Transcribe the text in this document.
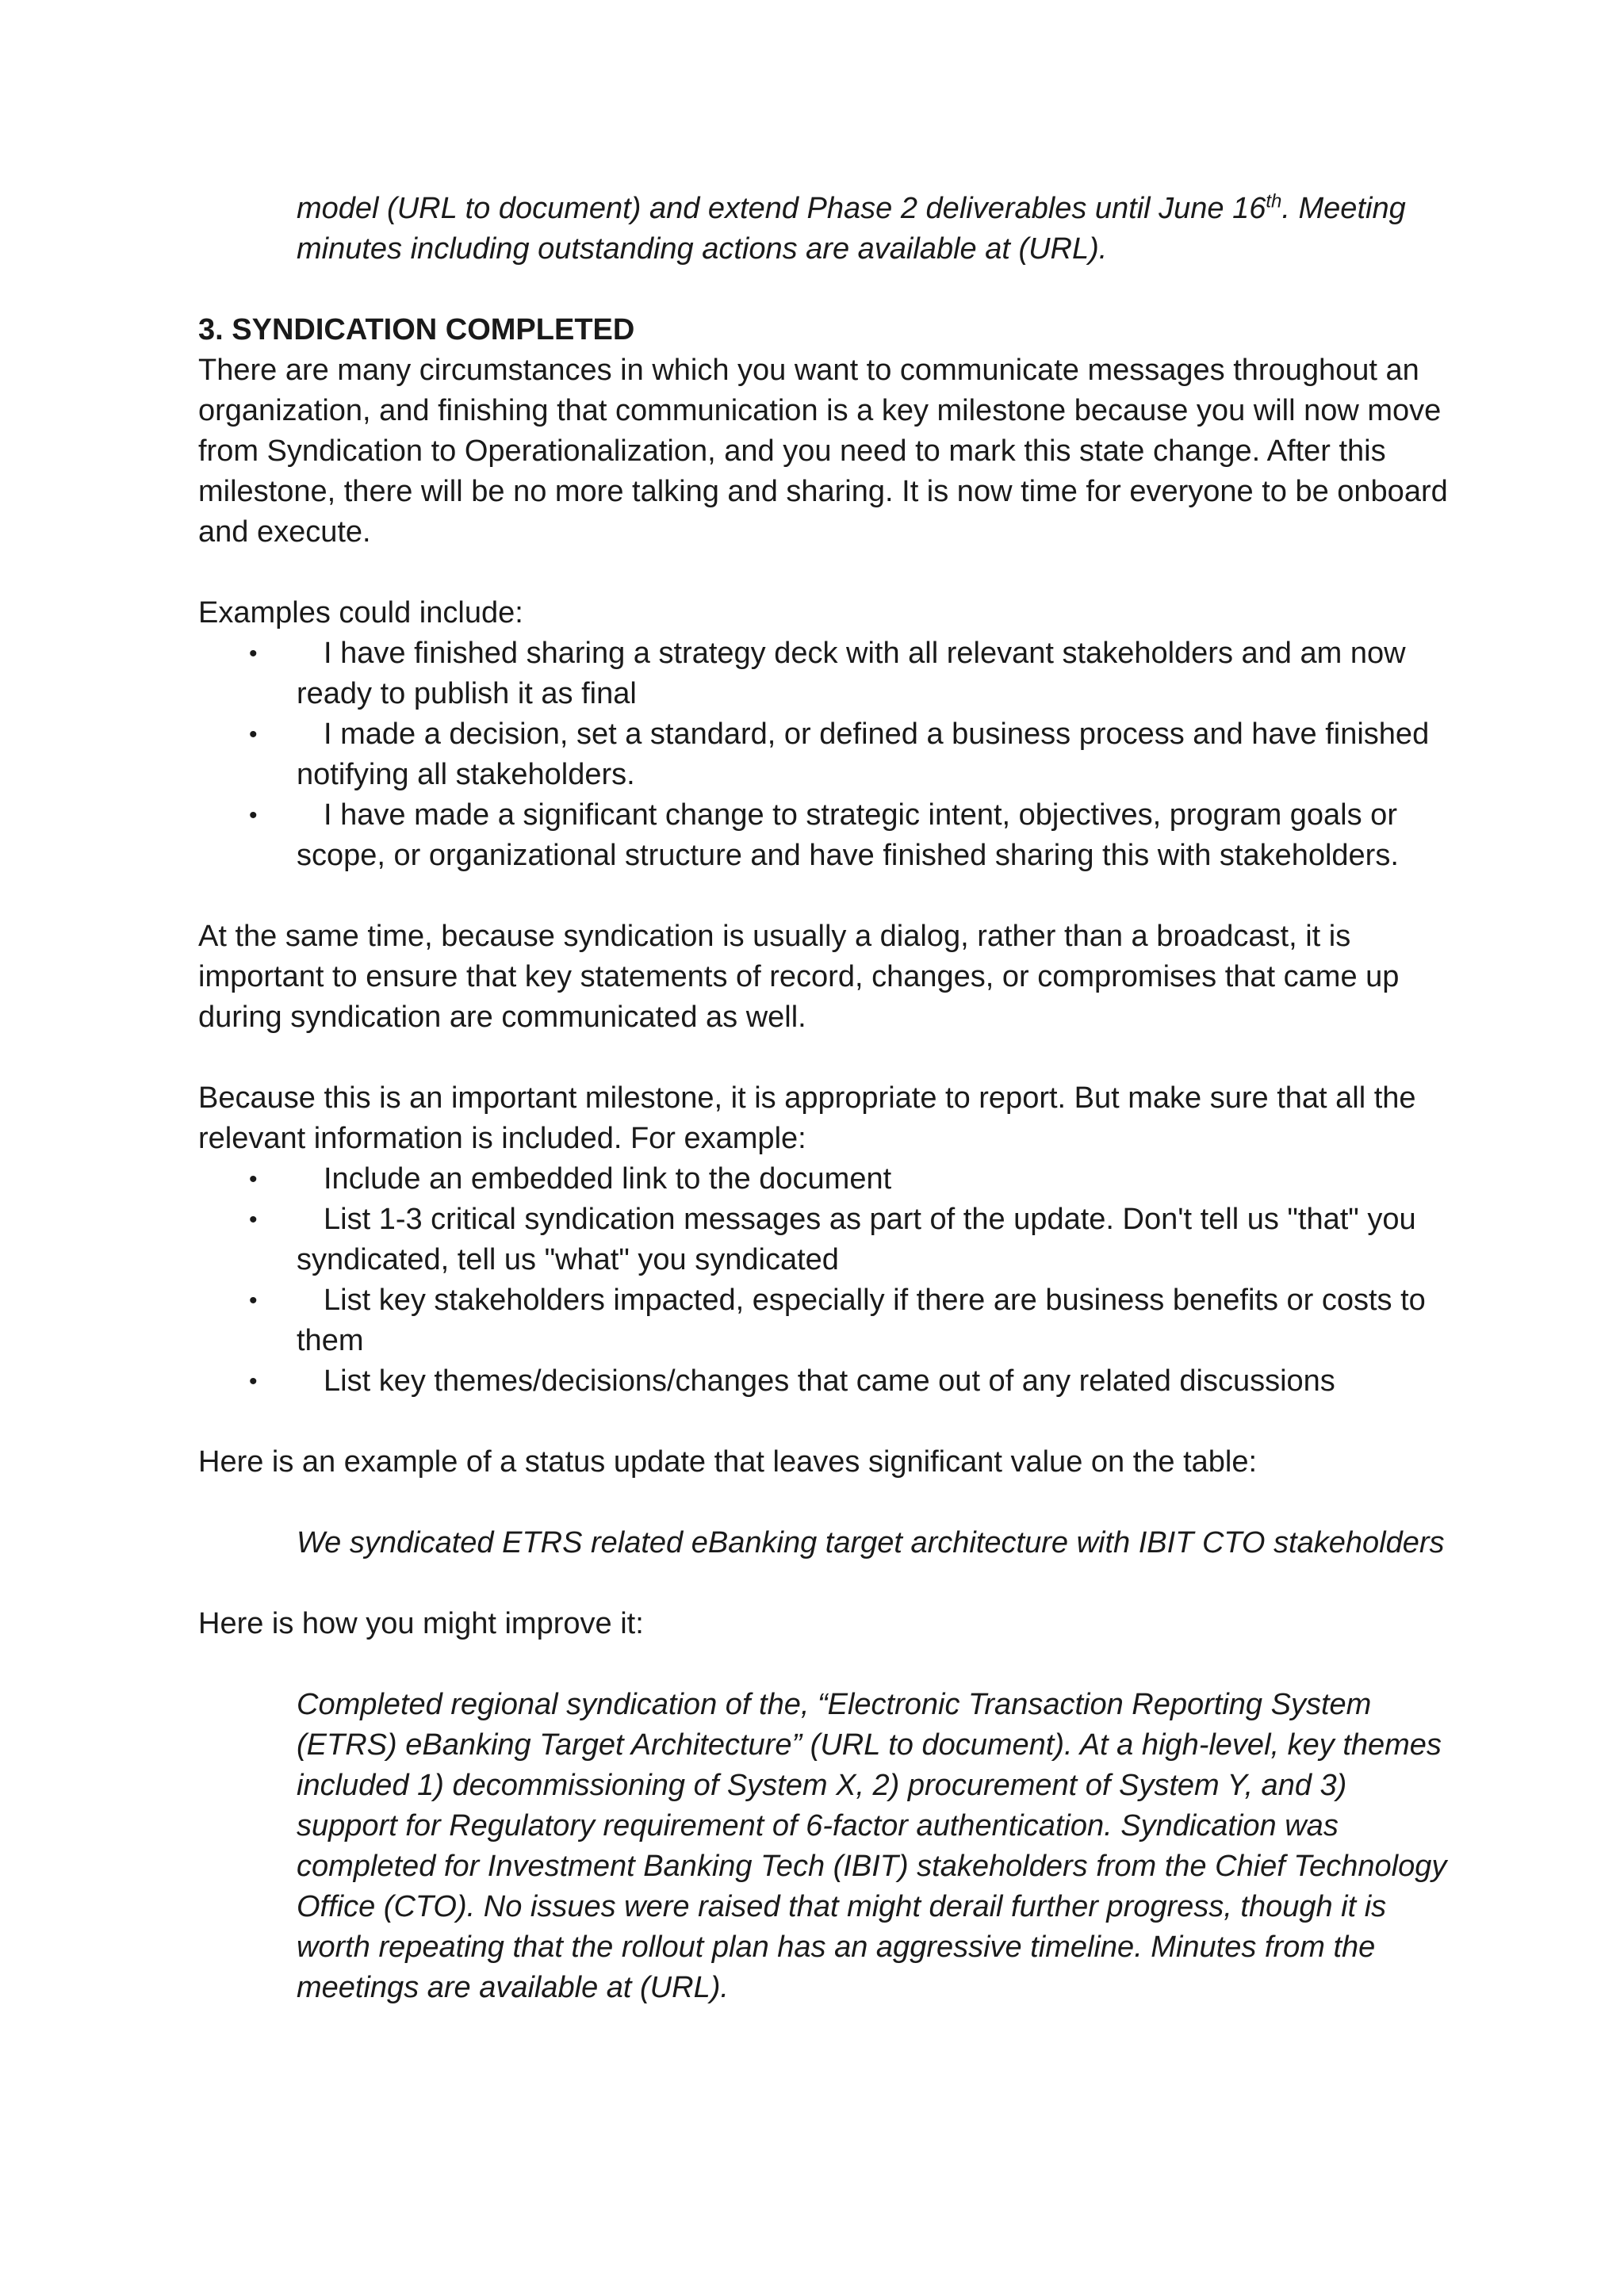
model (URL to document) and extend Phase 2 deliverables until June 16th. Meeting
minutes including outstanding actions are available at (URL).

3. SYNDICATION COMPLETED

There are many circumstances in which you want to communicate messages throughout an organization, and finishing that communication is a key milestone because you will now move from Syndication to Operationalization, and you need to mark this state change. After this milestone, there will be no more talking and sharing. It is now time for everyone to be onboard and execute.

Examples could include:

• I have finished sharing a strategy deck with all relevant stakeholders and am now ready to publish it as final
• I made a decision, set a standard, or defined a business process and have finished notifying all stakeholders.
• I have made a significant change to strategic intent, objectives, program goals or scope, or organizational structure and have finished sharing this with stakeholders.

At the same time, because syndication is usually a dialog, rather than a broadcast, it is important to ensure that key statements of record, changes, or compromises that came up during syndication are communicated as well.

Because this is an important milestone, it is appropriate to report. But make sure that all the relevant information is included. For example:

• Include an embedded link to the document
• List 1-3 critical syndication messages as part of the update. Don't tell us "that" you syndicated, tell us "what" you syndicated
• List key stakeholders impacted, especially if there are business benefits or costs to them
• List key themes/decisions/changes that came out of any related discussions

Here is an example of a status update that leaves significant value on the table:

We syndicated ETRS related eBanking target architecture with IBIT CTO stakeholders

Here is how you might improve it:

Completed regional syndication of the, “Electronic Transaction Reporting System (ETRS) eBanking Target Architecture” (URL to document). At a high-level, key themes included 1) decommissioning of System X, 2) procurement of System Y, and 3) support for Regulatory requirement of 6-factor authentication. Syndication was completed for Investment Banking Tech (IBIT) stakeholders from the Chief Technology Office (CTO). No issues were raised that might derail further progress, though it is worth repeating that the rollout plan has an aggressive timeline. Minutes from the meetings are available at (URL).
